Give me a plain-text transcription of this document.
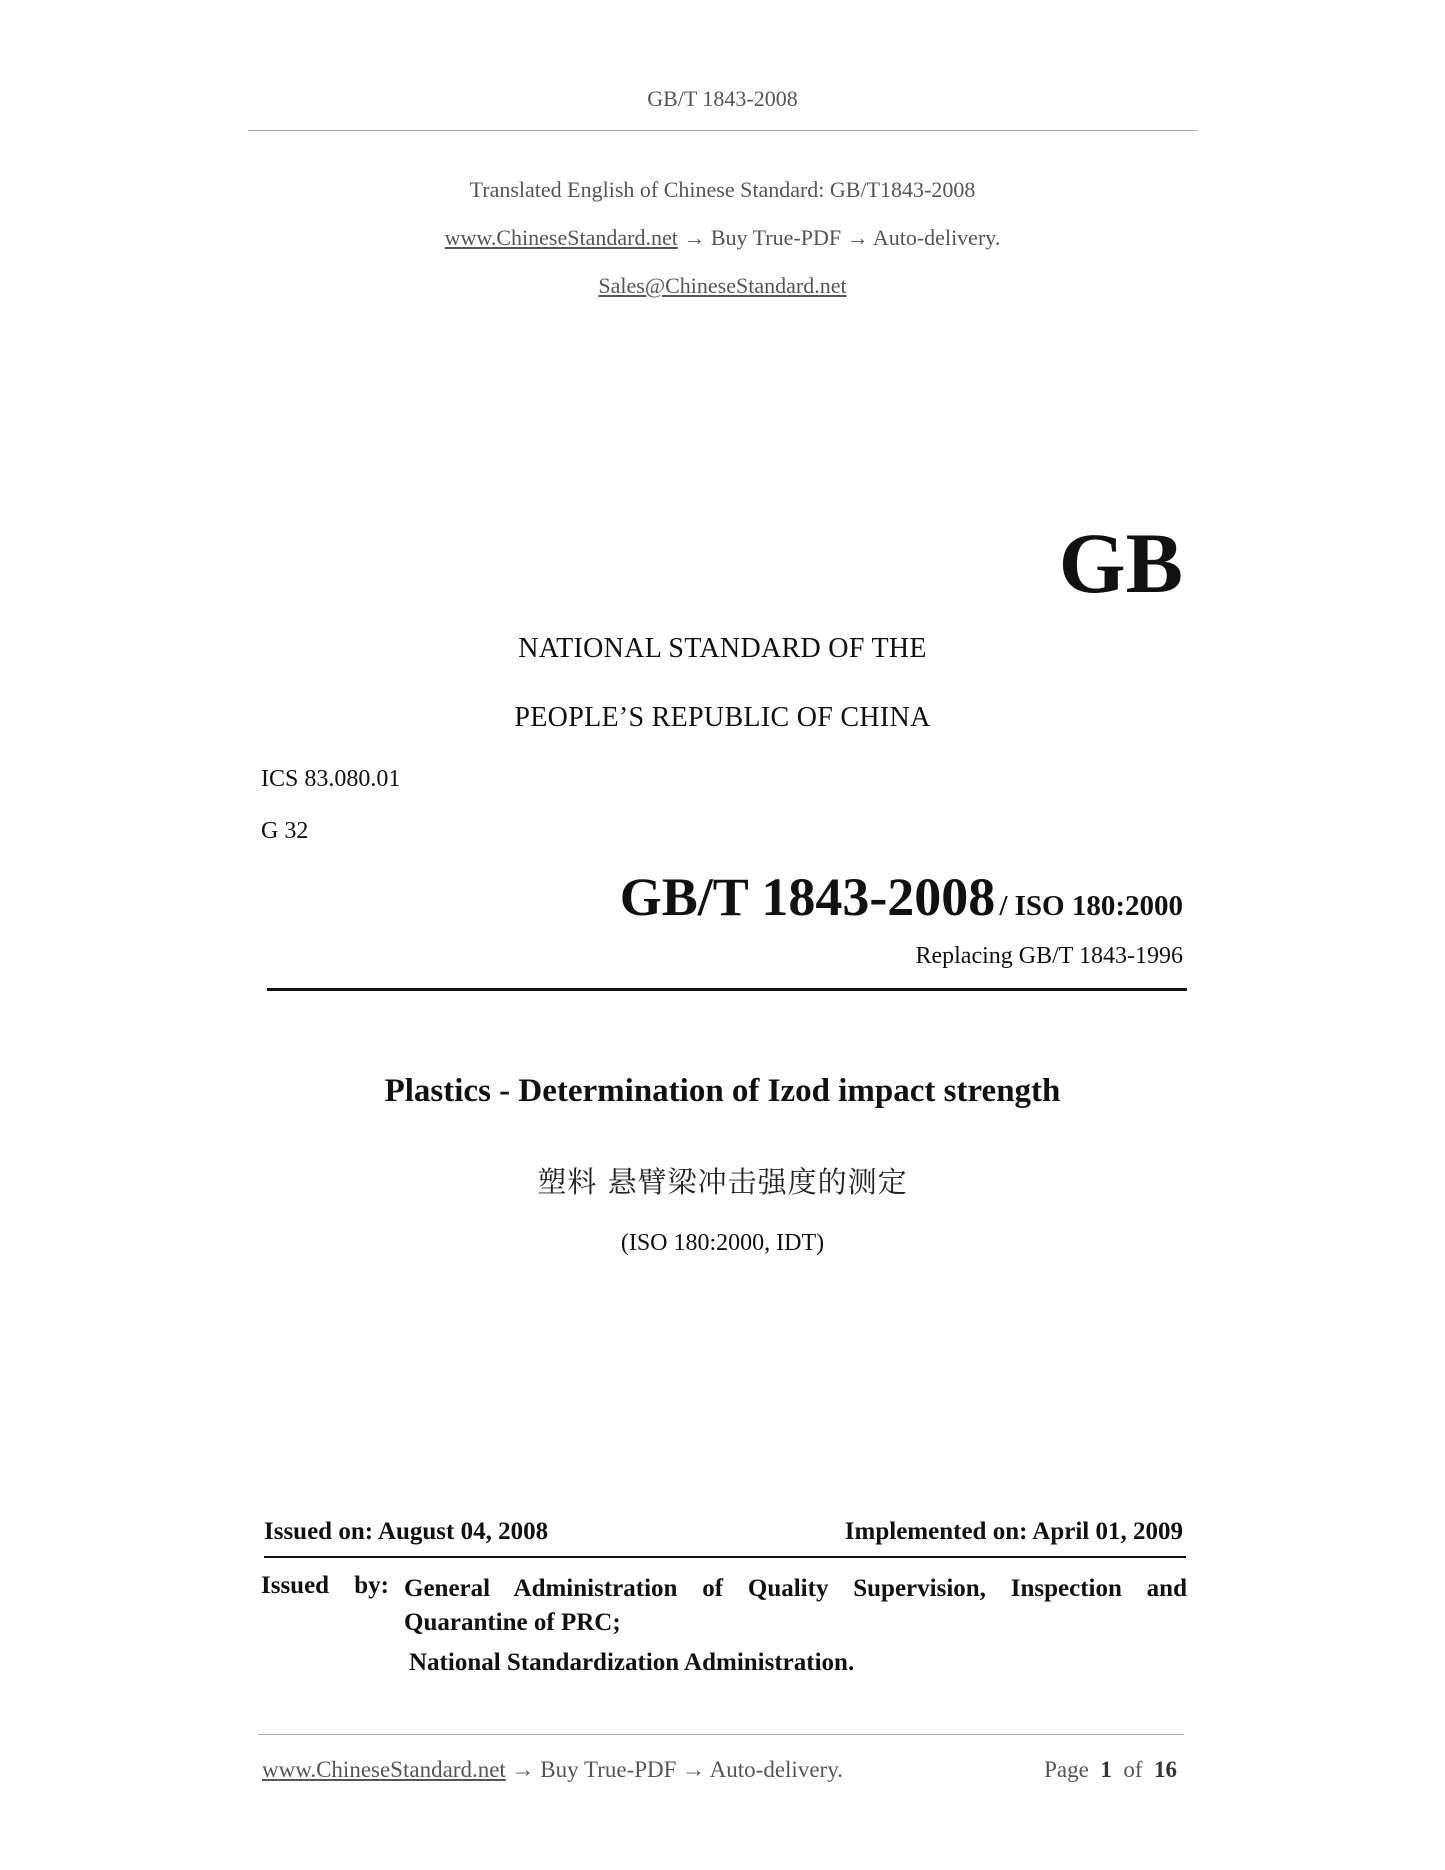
GB/T 1843-2008
Translated English of Chinese Standard: GB/T1843-2008
www.ChineseStandard.net → Buy True-PDF → Auto-delivery.
Sales@ChineseStandard.net
GB
NATIONAL STANDARD OF THE
PEOPLE’S REPUBLIC OF CHINA
ICS 83.080.01
G 32
GB/T 1843-2008 / ISO 180:2000
Replacing GB/T 1843-1996
Plastics - Determination of Izod impact strength
塑料 悬臂梁冲击强度的测定
(ISO 180:2000, IDT)
Issued on: August 04, 2008	Implemented on: April 01, 2009
Issued by: General Administration of Quality Supervision, Inspection and
Quarantine of PRC;
National Standardization Administration.
www.ChineseStandard.net → Buy True-PDF → Auto-delivery.	Page 1 of 16
